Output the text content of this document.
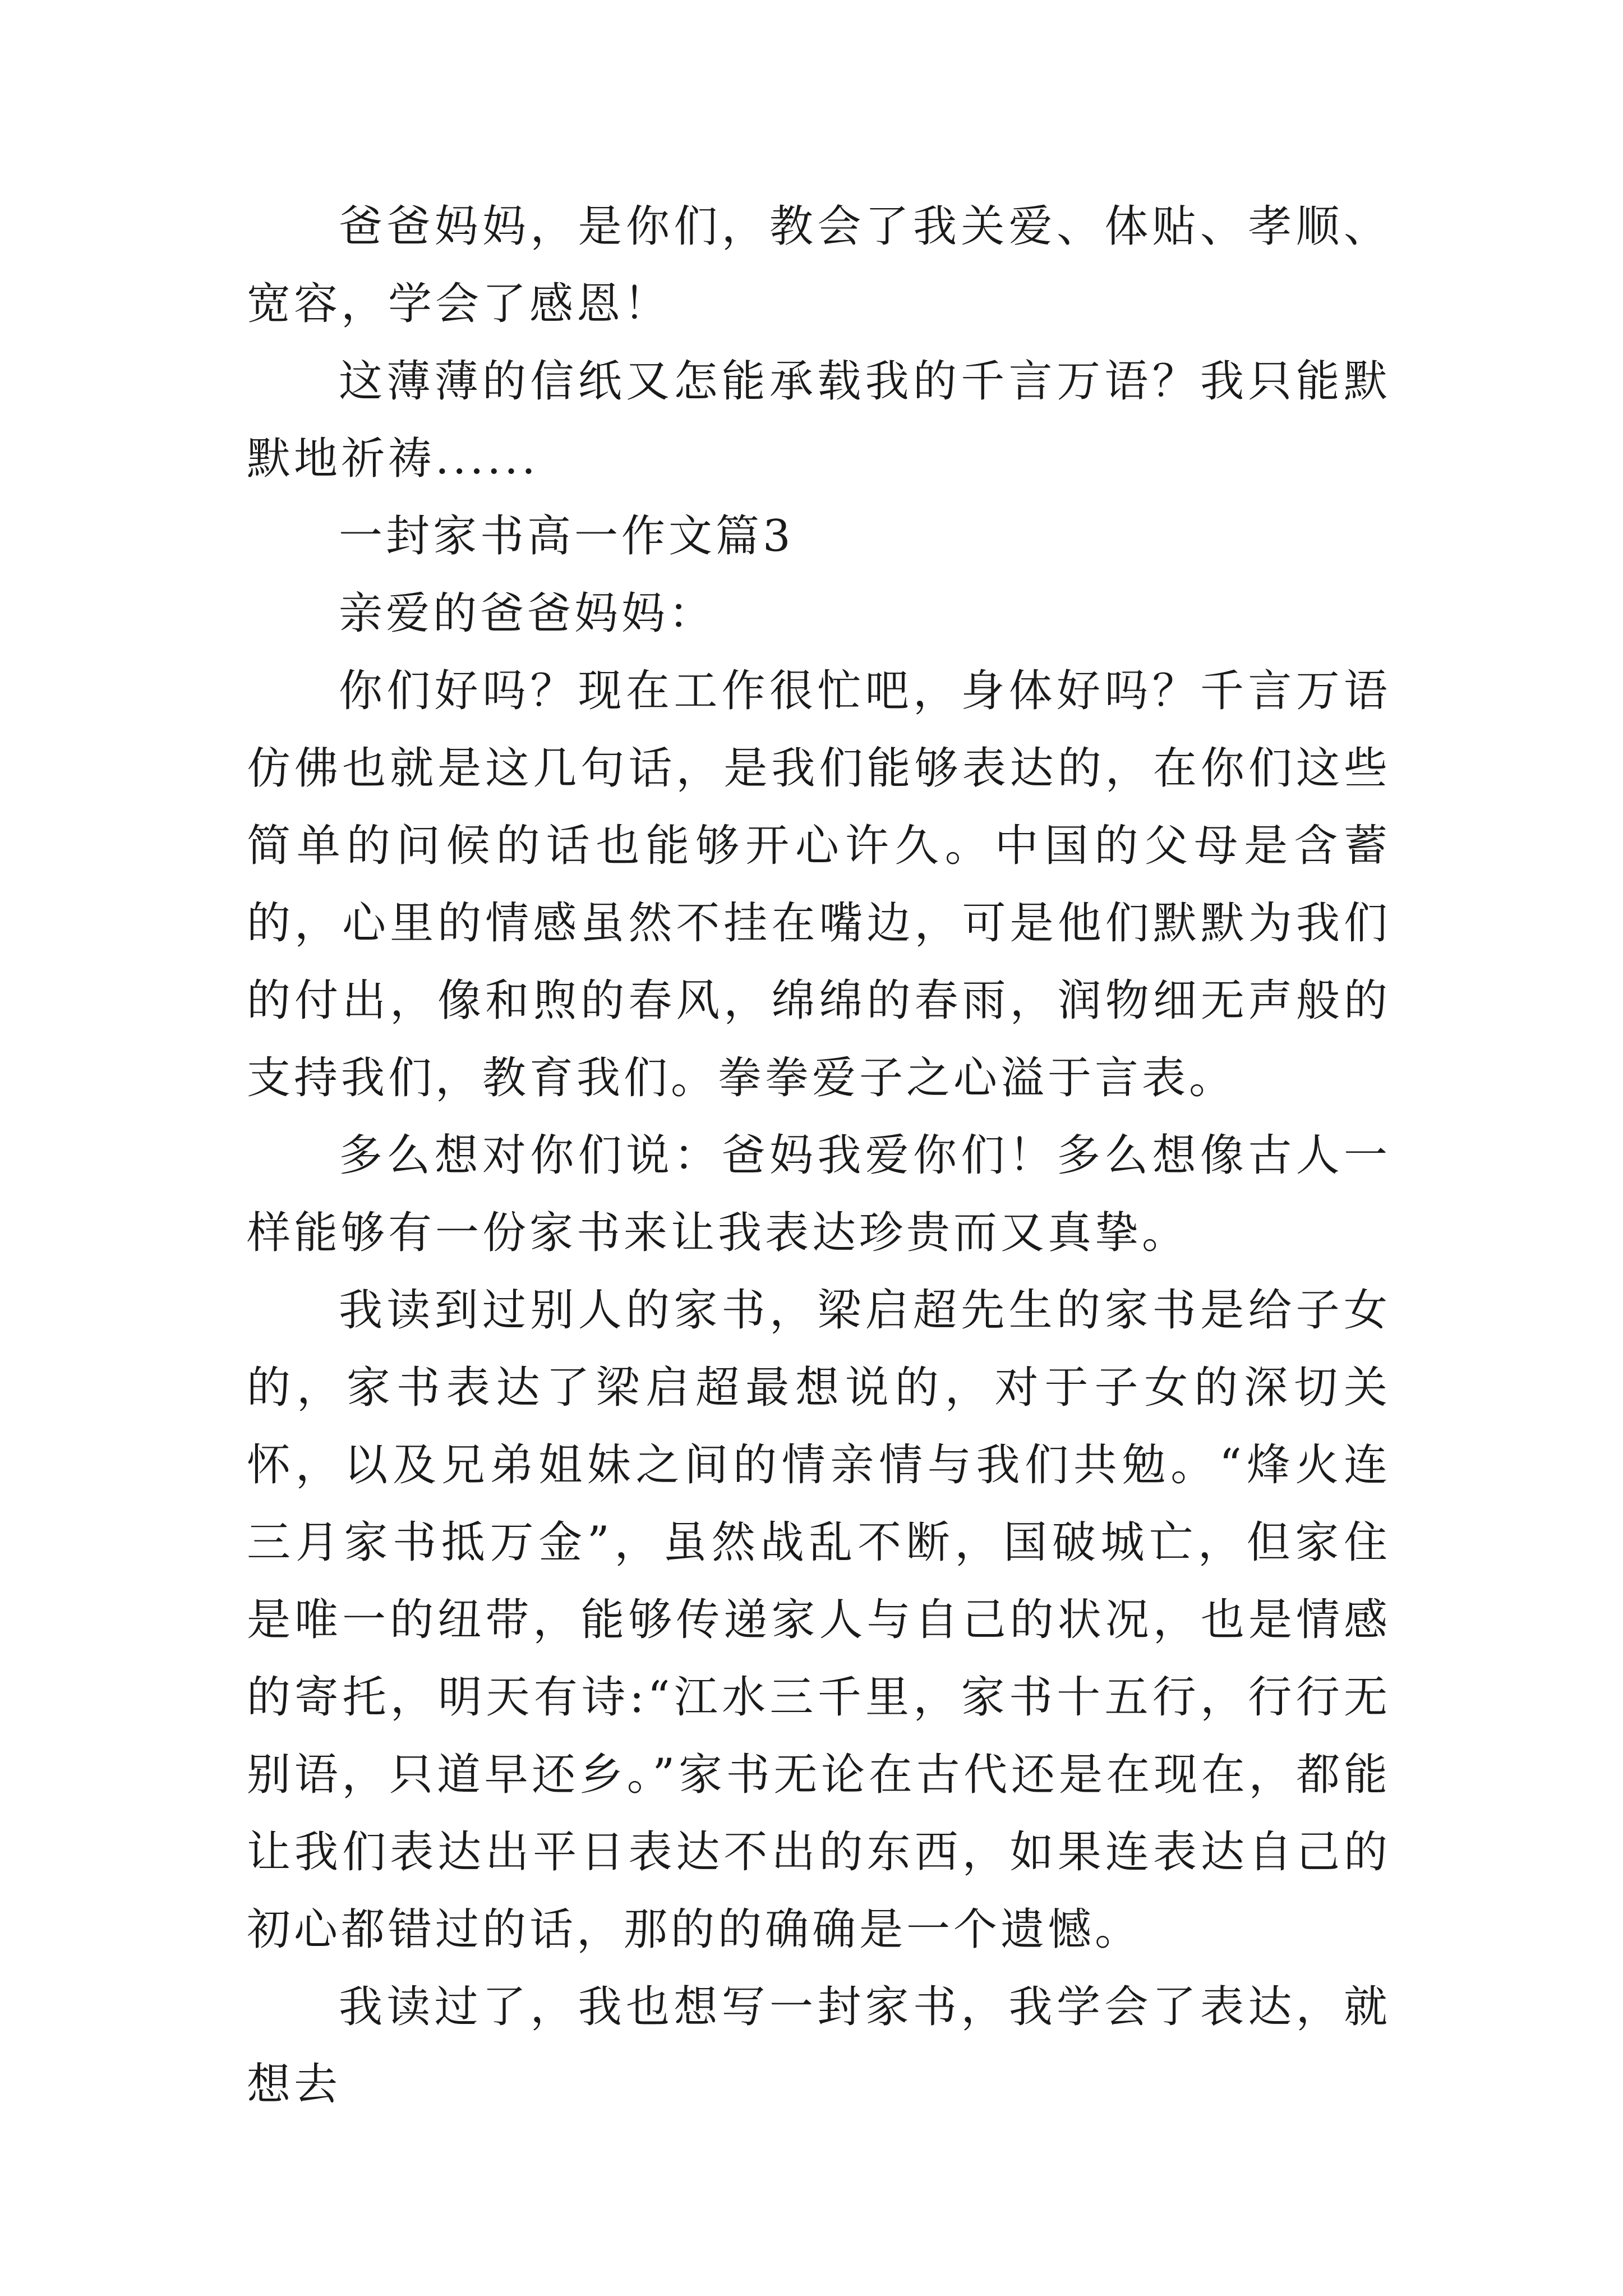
爸爸妈妈，是你们，教会了我关爱、体贴、孝顺、宽容，学会了感恩！

这薄薄的信纸又怎能承载我的千言万语？我只能默默地祈祷......

一封家书高一作文篇3

亲爱的爸爸妈妈：

你们好吗？现在工作很忙吧，身体好吗？千言万语仿佛也就是这几句话，是我们能够表达的，在你们这些简单的问候的话也能够开心许久。中国的父母是含蓄的，心里的情感虽然不挂在嘴边，可是他们默默为我们的付出，像和煦的春风，绵绵的春雨，润物细无声般的支持我们，教育我们。拳拳爱子之心溢于言表。

多么想对你们说：爸妈我爱你们！多么想像古人一样能够有一份家书来让我表达珍贵而又真挚。

我读到过别人的家书，梁启超先生的家书是给子女的，家书表达了梁启超最想说的，对于子女的深切关怀，以及兄弟姐妹之间的情亲情与我们共勉。“烽火连三月家书抵万金”，虽然战乱不断，国破城亡，但家住是唯一的纽带，能够传递家人与自己的状况，也是情感的寄托，明天有诗:“江水三千里，家书十五行，行行无别语，只道早还乡。”家书无论在古代还是在现在，都能让我们表达出平日表达不出的东西，如果连表达自己的初心都错过的话，那的的确确是一个遗憾。

我读过了，我也想写一封家书，我学会了表达，就想去
